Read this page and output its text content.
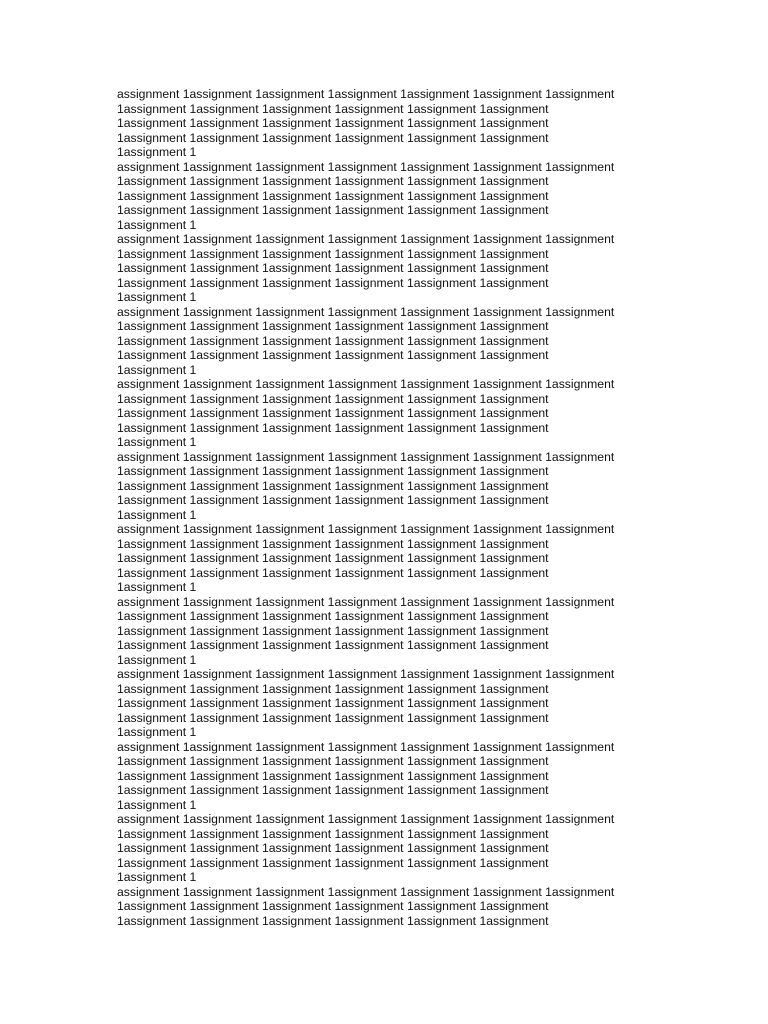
assignment 1assignment 1assignment 1assignment 1assignment 1assignment 1assignment
1assignment 1assignment 1assignment 1assignment 1assignment 1assignment
1assignment 1assignment 1assignment 1assignment 1assignment 1assignment
1assignment 1assignment 1assignment 1assignment 1assignment 1assignment
1assignment 1
assignment 1assignment 1assignment 1assignment 1assignment 1assignment 1assignment
1assignment 1assignment 1assignment 1assignment 1assignment 1assignment
1assignment 1assignment 1assignment 1assignment 1assignment 1assignment
1assignment 1assignment 1assignment 1assignment 1assignment 1assignment
1assignment 1
assignment 1assignment 1assignment 1assignment 1assignment 1assignment 1assignment
1assignment 1assignment 1assignment 1assignment 1assignment 1assignment
1assignment 1assignment 1assignment 1assignment 1assignment 1assignment
1assignment 1assignment 1assignment 1assignment 1assignment 1assignment
1assignment 1
assignment 1assignment 1assignment 1assignment 1assignment 1assignment 1assignment
1assignment 1assignment 1assignment 1assignment 1assignment 1assignment
1assignment 1assignment 1assignment 1assignment 1assignment 1assignment
1assignment 1assignment 1assignment 1assignment 1assignment 1assignment
1assignment 1
assignment 1assignment 1assignment 1assignment 1assignment 1assignment 1assignment
1assignment 1assignment 1assignment 1assignment 1assignment 1assignment
1assignment 1assignment 1assignment 1assignment 1assignment 1assignment
1assignment 1assignment 1assignment 1assignment 1assignment 1assignment
1assignment 1
assignment 1assignment 1assignment 1assignment 1assignment 1assignment 1assignment
1assignment 1assignment 1assignment 1assignment 1assignment 1assignment
1assignment 1assignment 1assignment 1assignment 1assignment 1assignment
1assignment 1assignment 1assignment 1assignment 1assignment 1assignment
1assignment 1
assignment 1assignment 1assignment 1assignment 1assignment 1assignment 1assignment
1assignment 1assignment 1assignment 1assignment 1assignment 1assignment
1assignment 1assignment 1assignment 1assignment 1assignment 1assignment
1assignment 1assignment 1assignment 1assignment 1assignment 1assignment
1assignment 1
assignment 1assignment 1assignment 1assignment 1assignment 1assignment 1assignment
1assignment 1assignment 1assignment 1assignment 1assignment 1assignment
1assignment 1assignment 1assignment 1assignment 1assignment 1assignment
1assignment 1assignment 1assignment 1assignment 1assignment 1assignment
1assignment 1
assignment 1assignment 1assignment 1assignment 1assignment 1assignment 1assignment
1assignment 1assignment 1assignment 1assignment 1assignment 1assignment
1assignment 1assignment 1assignment 1assignment 1assignment 1assignment
1assignment 1assignment 1assignment 1assignment 1assignment 1assignment
1assignment 1
assignment 1assignment 1assignment 1assignment 1assignment 1assignment 1assignment
1assignment 1assignment 1assignment 1assignment 1assignment 1assignment
1assignment 1assignment 1assignment 1assignment 1assignment 1assignment
1assignment 1assignment 1assignment 1assignment 1assignment 1assignment
1assignment 1
assignment 1assignment 1assignment 1assignment 1assignment 1assignment 1assignment
1assignment 1assignment 1assignment 1assignment 1assignment 1assignment
1assignment 1assignment 1assignment 1assignment 1assignment 1assignment
1assignment 1assignment 1assignment 1assignment 1assignment 1assignment
1assignment 1
assignment 1assignment 1assignment 1assignment 1assignment 1assignment 1assignment
1assignment 1assignment 1assignment 1assignment 1assignment 1assignment
1assignment 1assignment 1assignment 1assignment 1assignment 1assignment
